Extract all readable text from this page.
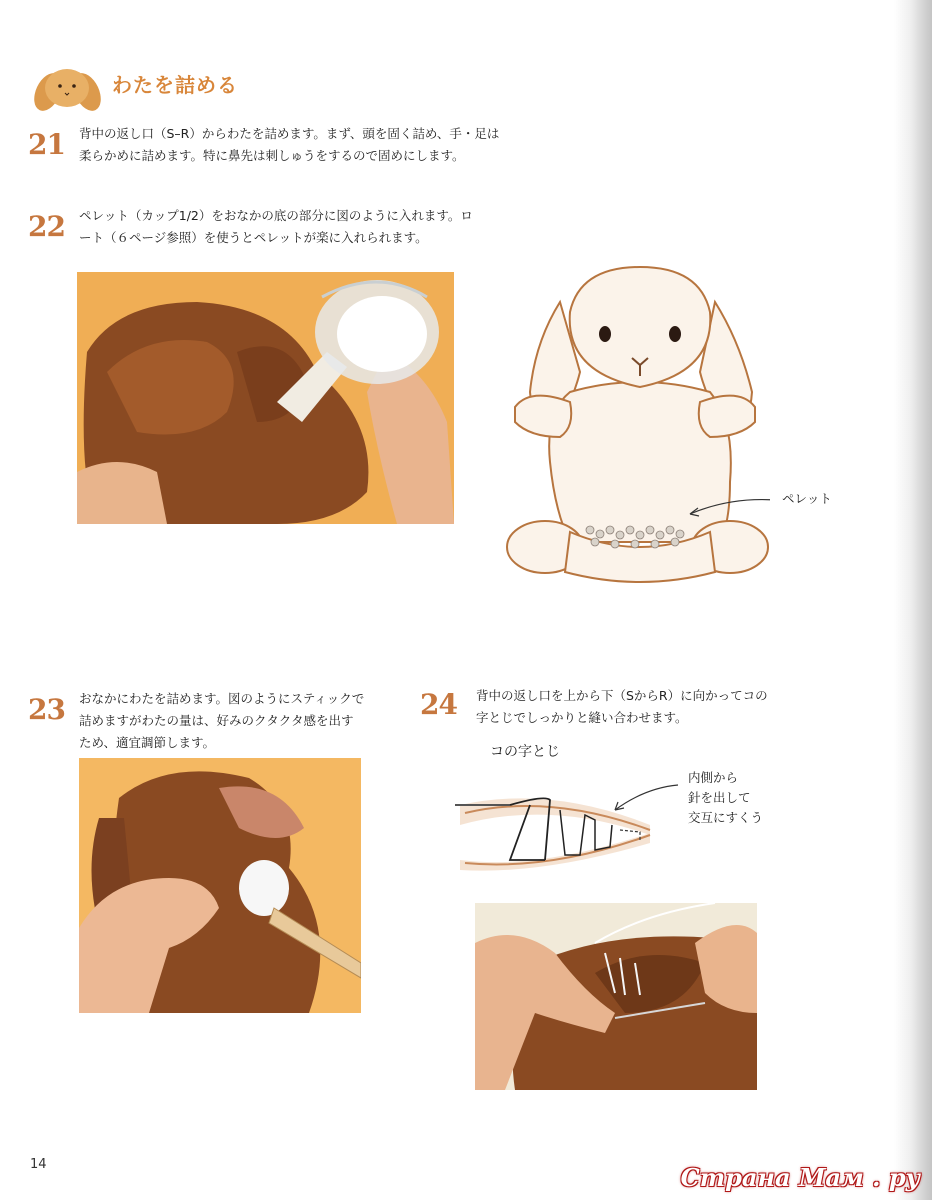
わたを詰める
21 背中の返し口（S–R）からわたを詰めます。まず、頭を固く詰め、手・足は
柔らかめに詰めます。特に鼻先は刺しゅうをするので固めにします。
22 ペレット（カップ1/2）をおなかの底の部分に図のように入れます。ロ
ート（６ページ参照）を使うとペレットが楽に入れられます。
ペレット
23 おなかにわたを詰めます。図のようにスティックで
詰めますがわたの量は、好みのクタクタ感を出す
ため、適宜調節します。
24 背中の返し口を上から下（SからR）に向かってコの
字とじでしっかりと縫い合わせます。
コの字とじ
内側から
針を出して
交互にすくう
14	Страна Мам . ру
